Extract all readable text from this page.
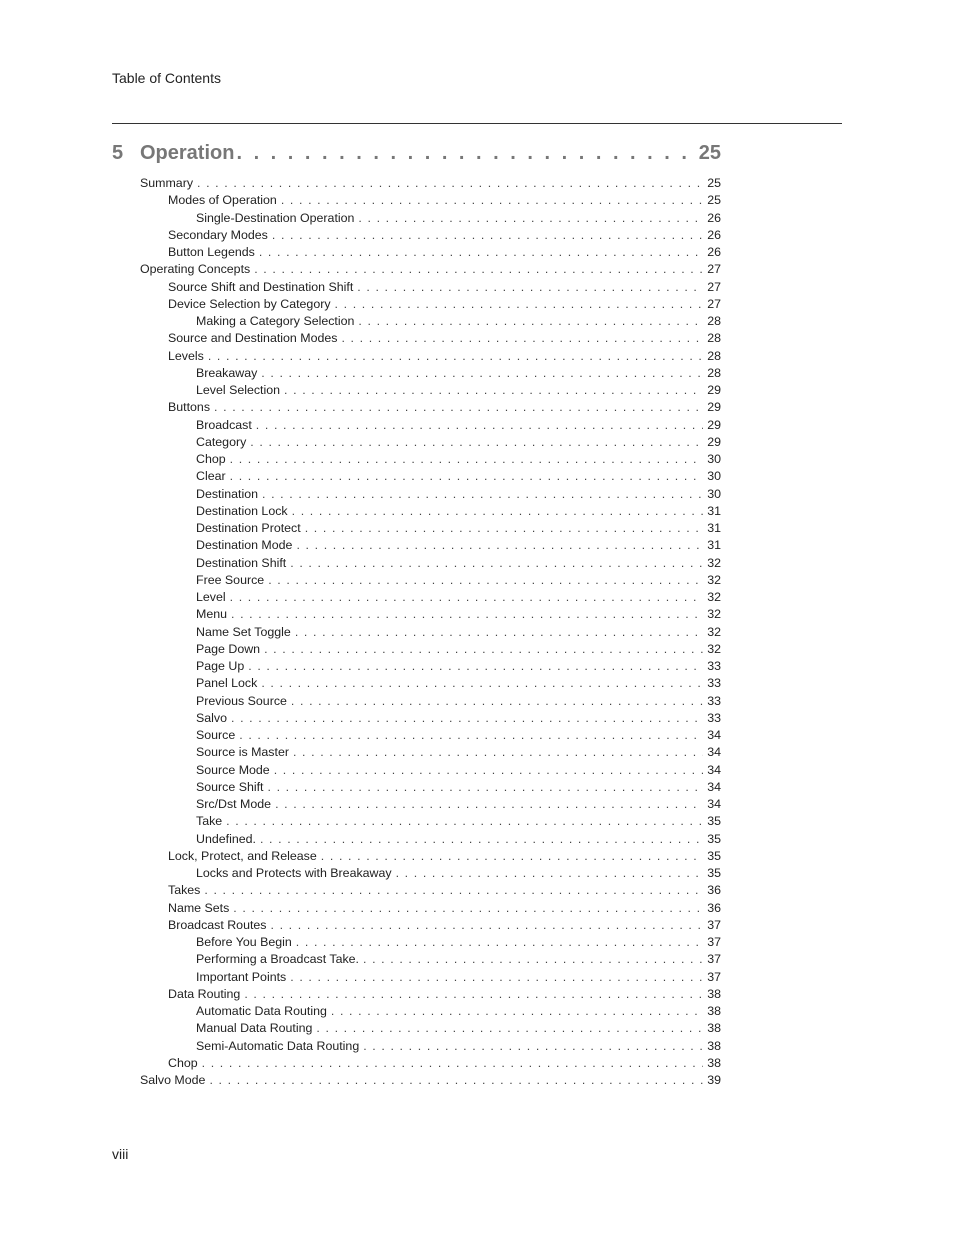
Table of Contents
5 Operation . . .	25
Summary . . .	25
Modes of Operation . . .	25
Single-Destination Operation . . .	26
Secondary Modes . . .	26
Button Legends . . .	26
Operating Concepts . . .	27
Source Shift and Destination Shift . . .	27
Device Selection by Category . . .	27
Making a Category Selection . . .	28
Source and Destination Modes . . .	28
Levels . . .	28
Breakaway . . .	28
Level Selection . . .	29
Buttons . . .	29
Broadcast . . .	29
Category . . .	29
Chop . . .	30
Clear . . .	30
Destination . . .	30
Destination Lock . . .	31
Destination Protect . . .	31
Destination Mode . . .	31
Destination Shift . . .	32
Free Source . . .	32
Level . . .	32
Menu . . .	32
Name Set Toggle . . .	32
Page Down . . .	32
Page Up . . .	33
Panel Lock . . .	33
Previous Source . . .	33
Salvo . . .	33
Source . . .	34
Source is Master . . .	34
Source Mode . . .	34
Source Shift . . .	34
Src/Dst Mode . . .	34
Take . . .	35
Undefined. . . .	35
Lock, Protect, and Release . . .	35
Locks and Protects with Breakaway . . .	35
Takes . . .	36
Name Sets . . .	36
Broadcast Routes . . .	37
Before You Begin . . .	37
Performing a Broadcast Take. . . .	37
Important Points . . .	37
Data Routing . . .	38
Automatic Data Routing . . .	38
Manual Data Routing . . .	38
Semi-Automatic Data Routing . . .	38
Chop . . .	38
Salvo Mode . . .	39
viii
